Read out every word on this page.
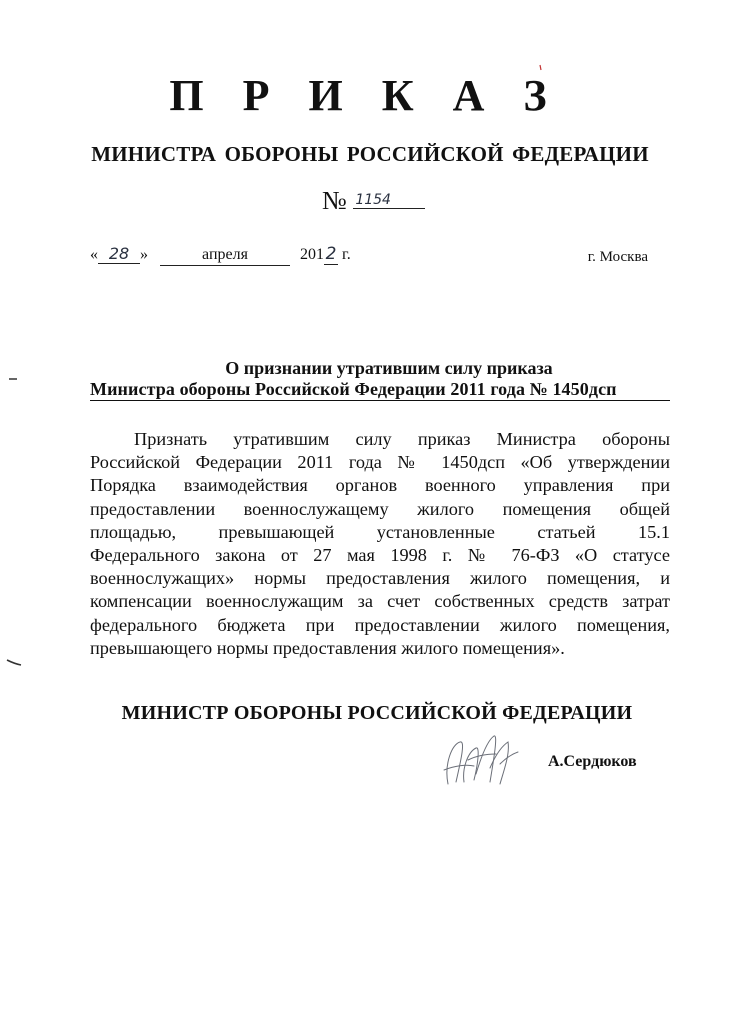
П Р И К А З
МИНИСТРА ОБОРОНЫ РОССИЙСКОЙ ФЕДЕРАЦИИ
№ 1154
« 28 »	апреля	2012 г.	г. Москва
О признании утратившим силу приказа
Министра обороны Российской Федерации 2011 года № 1450дсп
Признать утратившим силу приказ Министра обороны
Российской Федерации 2011 года № 1450дсп «Об утверждении
Порядка взаимодействия органов военного управления при
предоставлении военнослужащему жилого помещения общей
площадью, превышающей установленные статьей 15.1
Федерального закона от 27 мая 1998 г. № 76-ФЗ «О статусе
военнослужащих» нормы предоставления жилого помещения, и
компенсации военнослужащим за счет собственных средств затрат
федерального бюджета при предоставлении жилого помещения,
превышающего нормы предоставления жилого помещения».
МИНИСТР ОБОРОНЫ РОССИЙСКОЙ ФЕДЕРАЦИИ
А.Сердюков
